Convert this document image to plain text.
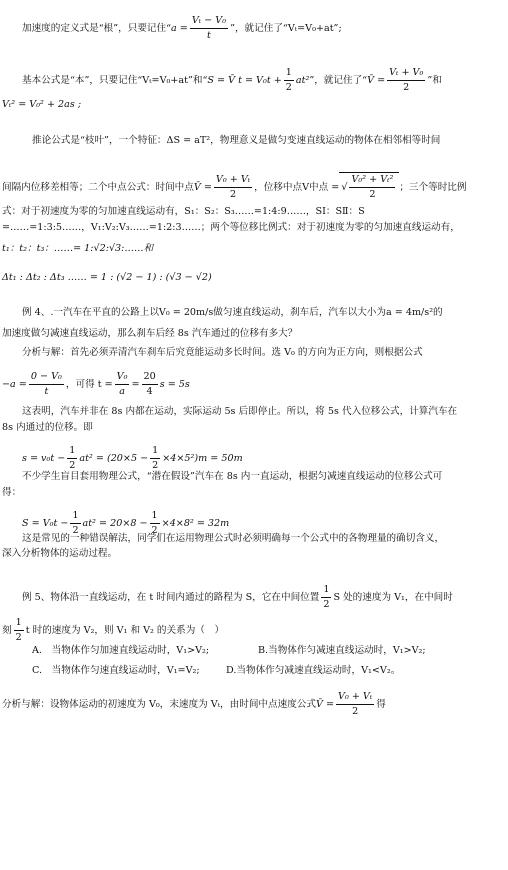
加速度的定义式是“根”，只要记住“$a = \frac{\text{Vₜ − V₀}}{t}$ ”，就记住了“Vₜ=V₀+at”;
基本公式是“本”，只要记住“Vₜ=V₀+at”和“S = V̄ $t = V_0t + \frac{1}{2} at^2$”，就记住了“V̄ = $\frac{\text{Vₜ + V₀}}{2}$ ”和
Vₜ² = V₀² + 2as ;
推论公式是“枝叶”，一个特征：ΔS = aT²，物理意义是做匀变速直线运动的物体在相邻相等时间
间隔内位移差相等；二个中点公式：时间中点V̄ = $\frac{\text{V₀ + Vₜ}}{2}$ ，位移中点V中点 = √ $\frac{\text{V₀² + Vₜ²}}{2}$ ；三个等时比例
式：对于初速度为零的匀加速直线运动有，S₁：S₂：S₃……=1:4:9……，SⅠ：SⅡ：S
=……=1:3:5……，V₁:V₂:V₃……=1:2:3……；两个等位移比例式：对于初速度为零的匀加速直线运动有，
t₁：t₂：t₃：……= 1:√2:√3:……和
Δt₁ : Δt₂ : Δt₃ …… = 1 : (√2 − 1) : (√3 − √2)
例 4、.一汽车在平直的公路上以V₀ = 20m/s做匀速直线运动，刹车后，汽车以大小为a = 4m/s²的
加速度做匀减速直线运动，那么刹车后经 8s 汽车通过的位移有多大？
分析与解：首先必须弄清汽车刹车后究竟能运动多长时间。选 V₀ 的方向为正方向，则根据公式
$-a = \frac{\text{0 − V₀}}{t}$ ，可得 $t = \frac{\text{V₀}}{a} = \frac{20}{4}$ s = 5s
这表明，汽车并非在 8s 内都在运动，实际运动 5s 后即停止。所以，将 5s 代入位移公式，计算汽车在
8s 内通过的位移。即
$s = v_0t - \frac{1}{2} at^2 = (20\times 5 - \frac{1}{2} \times 4\times 5^2)m = 50m$
不少学生盲目套用物理公式，“潜在假设”汽车在 8s 内一直运动，根据匀减速直线运动的位移公式可
得：
$S = V_0t - \frac{1}{2} at^2 = 20\times 8 - \frac{1}{2} \times 4\times 8^2 = 32m$
这是常见的一种错误解法，同学们在运用物理公式时必须明确每一个公式中的各物理量的确切含义，
深入分析物体的运动过程。
例 5、物体沿一直线运动，在 t 时间内通过的路程为 S，它在中间位置 $\frac{1}{2}$ S 处的速度为 V₁，在中间时
刻 $\frac{1}{2}$ t 时的速度为 V₂，则 V₁ 和 V₂ 的关系为（　）
A.　当物体作匀加速直线运动时，V₁>V₂;	B.当物体作匀减速直线运动时，V₁>V₂;
C.　当物体作匀速直线运动时，V₁=V₂;	D.当物体作匀减速直线运动时，V₁<V₂。
分析与解：设物体运动的初速度为 V₀，末速度为 Vₜ，由时间中点速度公式V̄ = $\frac{\text{V₀ + Vₜ}}{2}$ 得
